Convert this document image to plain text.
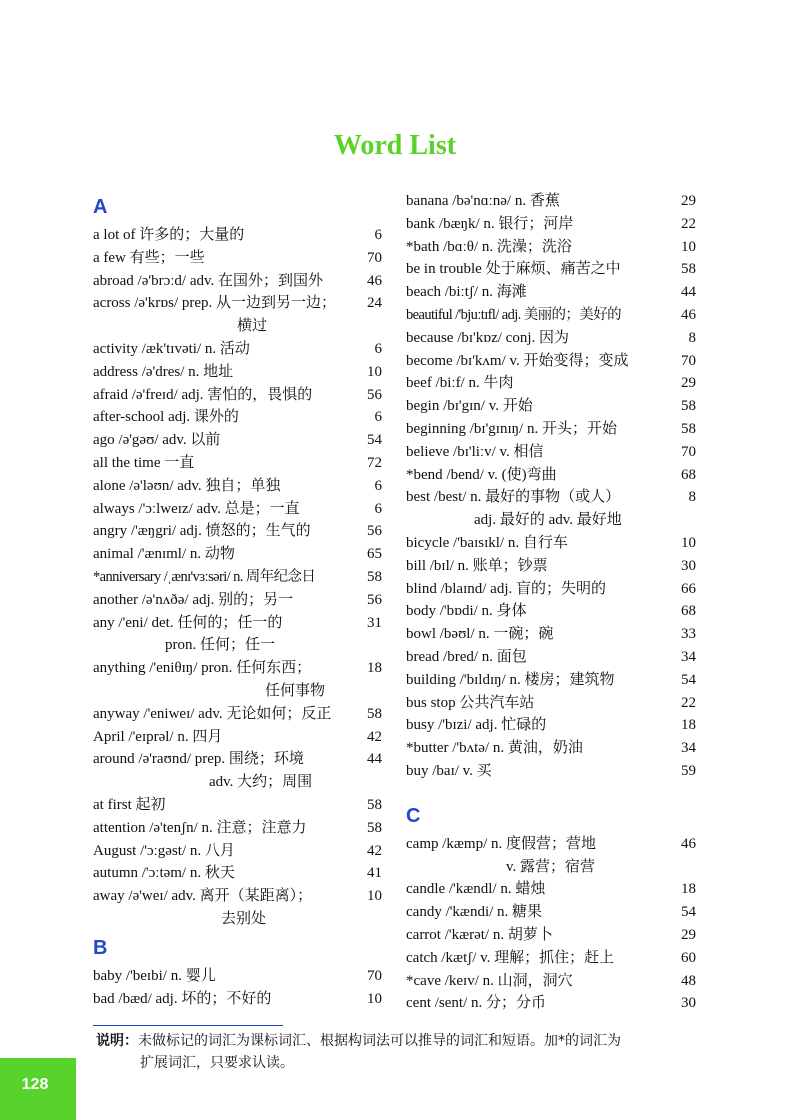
Word List
A
a lot of 许多的；大量的	6
a few 有些；一些	70
abroad /ə'brɔːd/ adv. 在国外；到国外	46
across /ə'krɒs/ prep. 从一边到另一边； 24
横过
activity /æk'tɪvəti/ n. 活动	6
address /ə'dres/ n. 地址	10
afraid /ə'freɪd/ adj. 害怕的，畏惧的	56
after-school adj. 课外的	6
ago /ə'gəʊ/ adv. 以前	54
all the time 一直	72
alone /ə'ləʊn/ adv. 独自；单独	6
always /'ɔːlweɪz/ adv. 总是；一直	6
angry /'æŋgri/ adj. 愤怒的；生气的	56
animal /'ænɪml/ n. 动物	65
*anniversary /ˌænɪ'vɜːsəri/ n. 周年纪念日	58
another /ə'nʌðə/ adj. 别的；另一	56
any /'eni/ det. 任何的；任一的	31
pron. 任何；任一
anything /'eniθɪŋ/ pron. 任何东西；	18
任何事物
anyway /'eniweɪ/ adv. 无论如何；反正 58
April /'eɪprəl/ n. 四月	42
around /ə'raʊnd/ prep. 围绕；环境	44
adv. 大约；周围
at first 起初	58
attention /ə'tenʃn/ n. 注意；注意力	58
August /'ɔːgəst/ n. 八月	42
autumn /'ɔːtəm/ n. 秋天	41
away /ə'weɪ/ adv. 离开（某距离）；	10
去别处
B
baby /'beɪbi/ n. 婴儿	70
bad /bæd/ adj. 坏的；不好的	10
banana /bə'nɑːnə/ n. 香蕉	29
bank /bæŋk/ n. 银行；河岸	22
*bath /bɑːθ/ n. 洗澡；洗浴	10
be in trouble 处于麻烦、痛苦之中	58
beach /biːtʃ/ n. 海滩	44
beautiful /'bjuːtɪfl/ adj. 美丽的；美好的	46
because /bɪ'kɒz/ conj. 因为	8
become /bɪ'kʌm/ v. 开始变得；变成	70
beef /biːf/ n. 牛肉	29
begin /bɪ'gɪn/ v. 开始	58
beginning /bɪ'gɪnɪŋ/ n. 开头；开始	58
believe /bɪ'liːv/ v. 相信	70
*bend /bend/ v. (使)弯曲	68
best /best/ n. 最好的事物（或人）	8
adj. 最好的 adv. 最好地
bicycle /'baɪsɪkl/ n. 自行车	10
bill /bɪl/ n. 账单；钞票	30
blind /blaɪnd/ adj. 盲的；失明的	66
body /'bɒdi/ n. 身体	68
bowl /bəʊl/ n. 一碗；碗	33
bread /bred/ n. 面包	34
building /'bɪldɪŋ/ n. 楼房；建筑物	54
bus stop 公共汽车站	22
busy /'bɪzi/ adj. 忙碌的	18
*butter /'bʌtə/ n. 黄油，奶油	34
buy /baɪ/ v. 买	59
C
camp /kæmp/ n. 度假营；营地	46
v. 露营；宿营
candle /'kændl/ n. 蜡烛	18
candy /'kændi/ n. 糖果	54
carrot /'kærət/ n. 胡萝卜	29
catch /kætʃ/ v. 理解；抓住；赶上	60
*cave /keɪv/ n. 山洞，洞穴	48
cent /sent/ n. 分；分币	30
说明：未做标记的词汇为课标词汇、根据构词法可以推导的词汇和短语。加*的词汇为
扩展词汇，只要求认读。
128
